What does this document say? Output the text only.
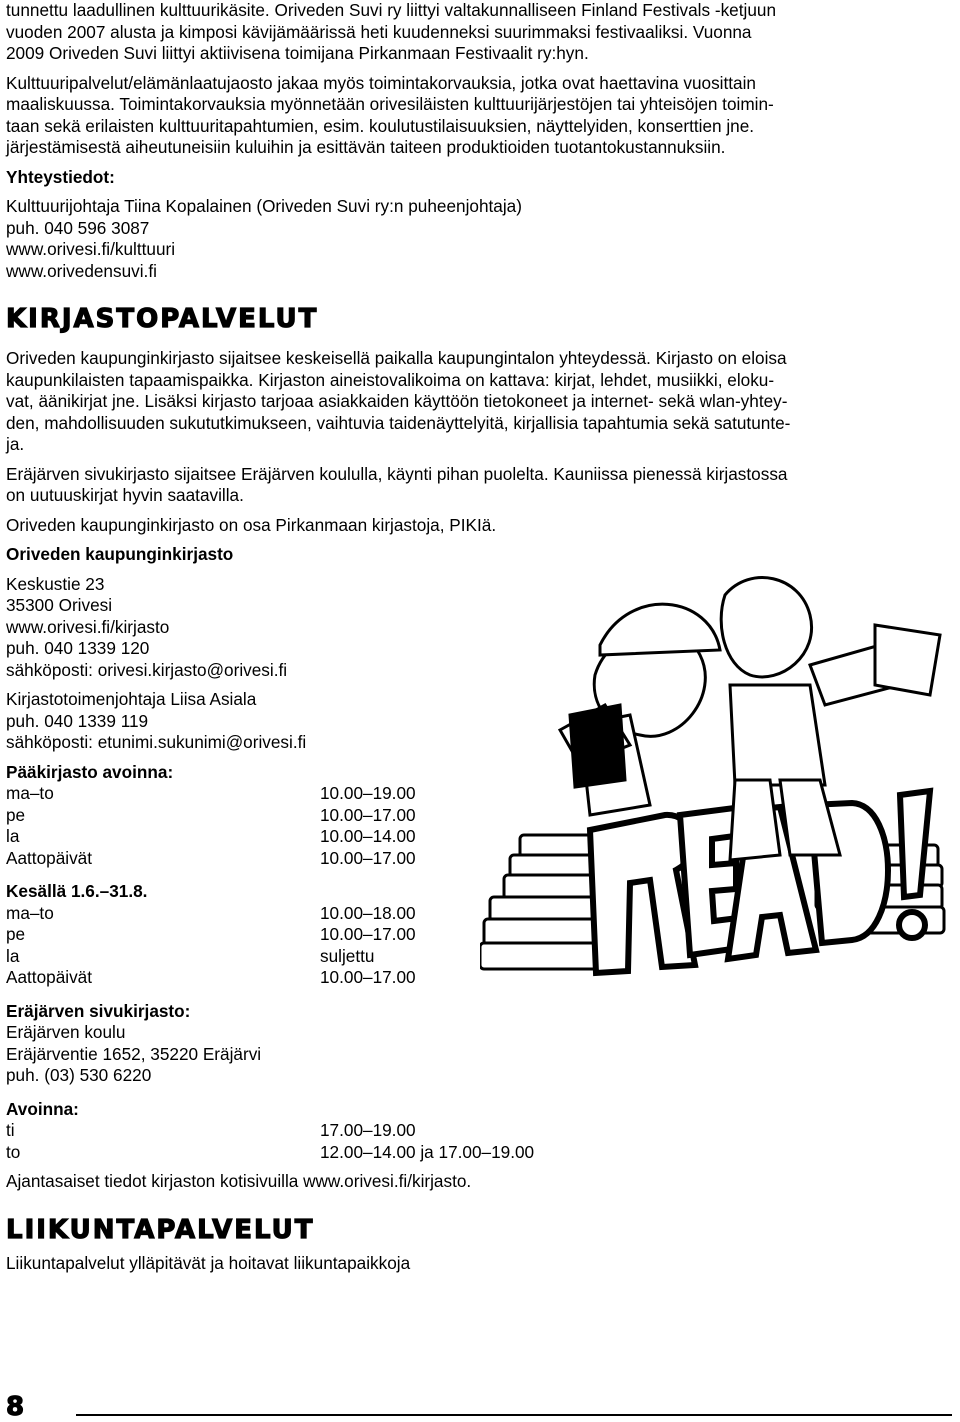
tunnettu laadullinen kulttuurikäsite. Oriveden Suvi ry liittyi valtakunnalliseen Finland Festivals -ketjuun

vuoden 2007 alusta ja kimposi kävijämäärissä heti kuudenneksi suurimmaksi festivaaliksi. Vuonna

2009 Oriveden Suvi liittyi aktiivisena toimijana Pirkanmaan Festivaalit ry:hyn.

Kulttuuripalvelut/elämänlaatujaosto jakaa myös toimintakorvauksia, jotka ovat haettavina vuosittain

maaliskuussa. Toimintakorvauksia myönnetään orivesiläisten kulttuurijärjestöjen tai yhteisöjen toimin-

taan sekä erilaisten kulttuuritapahtumien, esim. koulutustilaisuuksien, näyttelyiden, konserttien jne.

järjestämisestä aiheutuneisiin kuluihin ja esittävän taiteen produktioiden tuotantokustannuksiin.

Yhteystiedot:

Kulttuurijohtaja Tiina Kopalainen (Oriveden Suvi ry:n puheenjohtaja)

puh. 040 596 3087

www.orivesi.fi/kulttuuri

www.orivedensuvi.fi

KIRJASTOPALVELUT

Oriveden kaupunginkirjasto sijaitsee keskeisellä paikalla kaupungintalon yhteydessä. Kirjasto on eloisa

kaupunkilaisten tapaamispaikka. Kirjaston aineistovalikoima on kattava: kirjat, lehdet, musiikki, eloku-

vat, äänikirjat jne. Lisäksi kirjasto tarjoaa asiakkaiden käyttöön tietokoneet ja internet- sekä wlan-yhtey-

den, mahdollisuuden sukututkimukseen, vaihtuvia taidenäyttelyitä, kirjallisia tapahtumia sekä satutunte-

ja.

Eräjärven sivukirjasto sijaitsee Eräjärven koululla, käynti pihan puolelta. Kauniissa pienessä kirjastossa

on uutuuskirjat hyvin saatavilla.

Oriveden kaupunginkirjasto on osa Pirkanmaan kirjastoja, PIKIä.

Oriveden kaupunginkirjasto

Keskustie 23

35300 Orivesi

www.orivesi.fi/kirjasto

puh. 040 1339 120

sähköposti: orivesi.kirjasto@orivesi.fi

Kirjastotoimenjohtaja Liisa Asiala

puh. 040 1339 119

sähköposti: etunimi.sukunimi@orivesi.fi

Pääkirjasto avoinna:

ma–to	10.00–19.00
pe	10.00–17.00
la	10.00–14.00
Aattopäivät	10.00–17.00

Kesällä 1.6.–31.8.

ma–to	10.00–18.00
pe	10.00–17.00
la	suljettu
Aattopäivät	10.00–17.00

Eräjärven sivukirjasto:

Eräjärven koulu

Eräjärventie 1652, 35220 Eräjärvi

puh. (03) 530 6220

Avoinna:

ti	17.00–19.00
to	12.00–14.00 ja 17.00–19.00

Ajantasaiset tiedot kirjaston kotisivuilla www.orivesi.fi/kirjasto.

LIIKUNTAPALVELUT

Liikuntapalvelut ylläpitävät ja hoitavat liikuntapaikkoja

8
